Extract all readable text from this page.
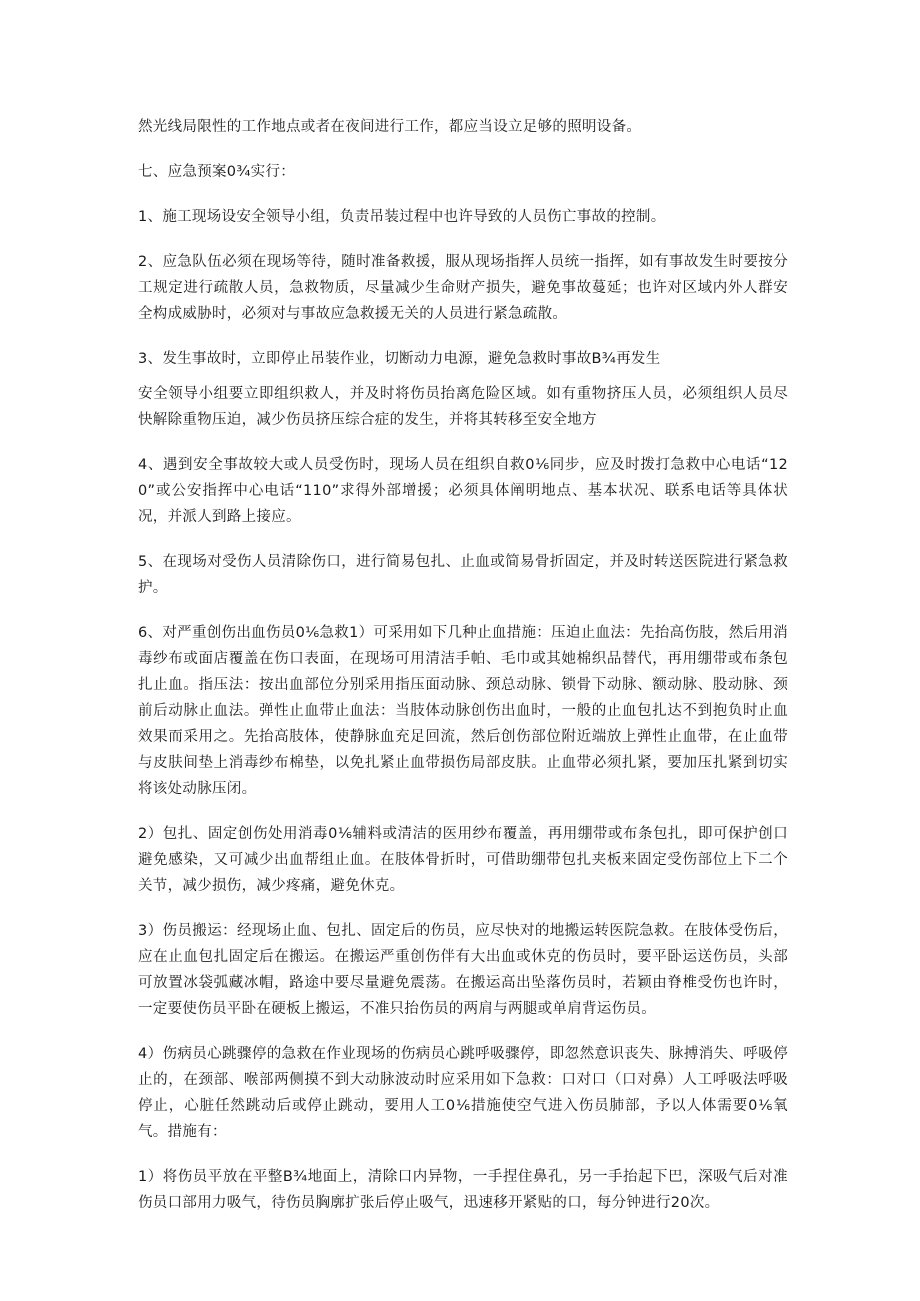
然光线局限性的工作地点或者在夜间进行工作，都应当设立足够的照明设备。

七、应急预案0¾实行：

1、施工现场设安全领导小组，负责吊装过程中也许导致的人员伤亡事故的控制。

2、应急队伍必须在现场等待，随时准备救援，服从现场指挥人员统一指挥，如有事故发生时要按分工规定进行疏散人员，急救物质，尽量减少生命财产损失，避免事故蔓延；也许对区域内外人群安全构成威胁时，必须对与事故应急救援无关的人员进行紧急疏散。

3、发生事故时，立即停止吊装作业，切断动力电源，避免急救时事故B¾再发生

安全领导小组要立即组织救人，并及时将伤员抬离危险区域。如有重物挤压人员，必须组织人员尽快解除重物压迫，减少伤员挤压综合症的发生，并将其转移至安全地方

4、遇到安全事故较大或人员受伤时，现场人员在组织自救0⅙同步，应及时拨打急救中心电话“120”或公安指挥中心电话“110”求得外部增援；必须具体阐明地点、基本状况、联系电话等具体状况，并派人到路上接应。

5、在现场对受伤人员清除伤口，进行简易包扎、止血或简易骨折固定，并及时转送医院进行紧急救护。

6、对严重创伤出血伤员0⅙急救1）可采用如下几种止血措施：压迫止血法：先抬高伤肢，然后用消毒纱布或面店覆盖在伤口表面，在现场可用清洁手帕、毛巾或其她棉织品替代，再用绷带或布条包扎止血。指压法：按出血部位分别采用指压面动脉、颈总动脉、锁骨下动脉、额动脉、股动脉、颈前后动脉止血法。弹性止血带止血法：当肢体动脉创伤出血时，一般的止血包扎达不到抱负时止血效果而采用之。先抬高肢体，使静脉血充足回流，然后创伤部位附近端放上弹性止血带，在止血带与皮肤间垫上消毒纱布棉垫，以免扎紧止血带损伤局部皮肤。止血带必须扎紧，要加压扎紧到切实将该处动脉压闭。

2）包扎、固定创伤处用消毒0⅙辅料或清洁的医用纱布覆盖，再用绷带或布条包扎，即可保护创口避免感染，又可减少出血帮组止血。在肢体骨折时，可借助绷带包扎夹板来固定受伤部位上下二个关节，减少损伤，减少疼痛，避免休克。

3）伤员搬运：经现场止血、包扎、固定后的伤员，应尽快对的地搬运转医院急救。在肢体受伤后，应在止血包扎固定后在搬运。在搬运严重创伤伴有大出血或休克的伤员时，要平卧运送伤员，头部可放置冰袋弧藏冰帽，路途中要尽量避免震荡。在搬运高出坠落伤员时，若颖由脊椎受伤也许时，一定要使伤员平卧在硬板上搬运，不准只抬伤员的两肩与两腿或单肩背运伤员。

4）伤病员心跳骤停的急救在作业现场的伤病员心跳呼吸骤停，即忽然意识丧失、脉搏消失、呼吸停止的，在颈部、喉部两侧摸不到大动脉波动时应采用如下急救：口对口（口对鼻）人工呼吸法呼吸停止，心脏任然跳动后或停止跳动，要用人工0⅙措施使空气进入伤员肺部，予以人体需要0⅙氧气。措施有：

1）将伤员平放在平整B¾地面上，清除口内异物，一手捏住鼻孔，另一手抬起下巴，深吸气后对准伤员口部用力吸气，待伤员胸廓扩张后停止吸气，迅速移开紧贴的口，每分钟进行20次。
